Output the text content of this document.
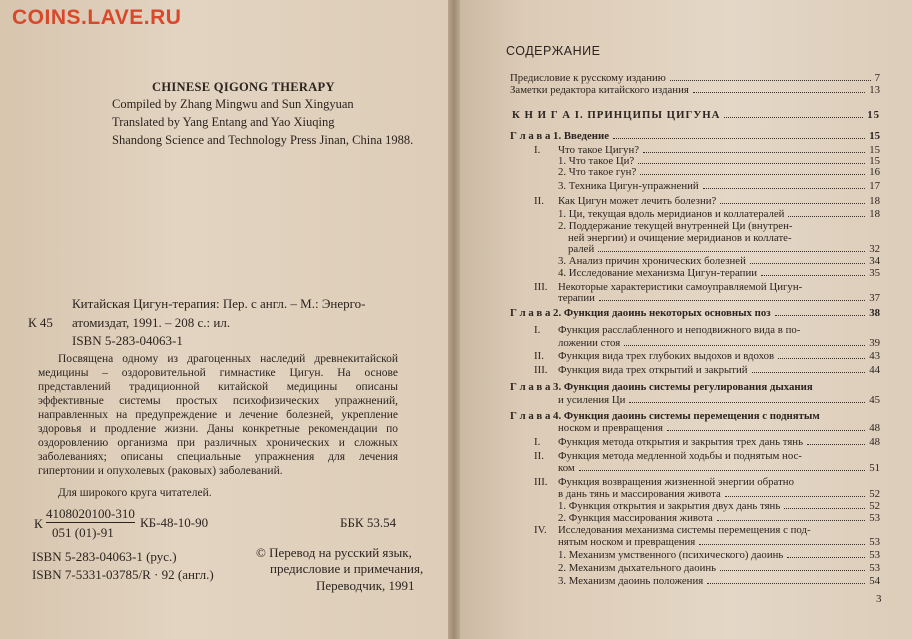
COINS.LAVE.RU
CHINESE QIGONG THERAPY
Compiled by Zhang Mingwu and Sun Xingyuan
Translated by Yang Entang and Yao Xiuqing
Shandong Science and Technology Press Jinan, China 1988.
К 45
Китайская Цигун-терапия: Пер. с англ. – М.: Энерго-
атомиздат, 1991. – 208 с.: ил.
ISBN 5-283-04063-1

Посвящена одному из драгоценных наследий древнекитайской медицины – оздоровительной гимнастике Цигун. На основе представлений традиционной китайской медицины описаны эффективные системы простых психофизических упражнений, направленных на предупреждение и лечение болезней, укрепление здоровья и продление жизни. Даны конкретные рекомендации по оздоровлению организма при различных хронических и сложных заболеваниях; описаны специальные упражнения для лечения гипертонии и опухолевых (раковых) заболеваний.

Для широкого круга читателей.

К
4108020100-310
051 (01)-91
КБ-48-10-90	ББК 53.54
ISBN 5-283-04063-1 (рус.)
ISBN 7-5331-03785/R · 92 (англ.)
© Перевод на русский язык,
предисловие и примечания,
Переводчик, 1991
СОДЕРЖАНИЕ
Предисловие к русскому изданию	7
Заметки редактора китайского издания	13
К Н И Г А I. ПРИНЦИПЫ ЦИГУНА	15
Г л а в а 1. Введение	15
I. Что такое Цигун?	15
1. Что такое Ци?	15
2. Что такое гун?	16
3. Техника Цигун-упражнений	17
II. Как Цигун может лечить болезни?	18
1. Ци, текущая вдоль меридианов и коллатералей	18
2. Поддержание текущей внутренней Ци (внутрен-
ней энергии) и очищение меридианов и коллате-
ралей	32
3. Анализ причин хронических болезней	34
4. Исследование механизма Цигун-терапии	35
III. Некоторые характеристики самоуправляемой Цигун-
терапии	37
Г л а в а 2. Функция даоинь некоторых основных поз	38
I. Функция расслабленного и неподвижного вида в по-
ложении стоя	39
II. Функция вида трех глубоких выдохов и вдохов	43
III. Функция вида трех открытий и закрытий	44
Г л а в а 3. Функция даоинь системы регулирования дыхания
и усиления Ци	45
Г л а в а 4. Функция даоинь системы перемещения с поднятым
носком и превращения	48
I. Функция метода открытия и закрытия трех дань тянь	48
II. Функция метода медленной ходьбы и поднятым нос-
ком	51
III. Функция возвращения жизненной энергии обратно
в дань тянь и массирования живота	52
1. Функция открытия и закрытия двух дань тянь	52
2. Функция массирования живота	53
IV. Исследования механизма системы перемещения с под-
нятым носком и превращения	53
1. Механизм умственного (психического) даоинь	53
2. Механизм дыхательного даоинь	53
3. Механизм даоинь положения	54
3
